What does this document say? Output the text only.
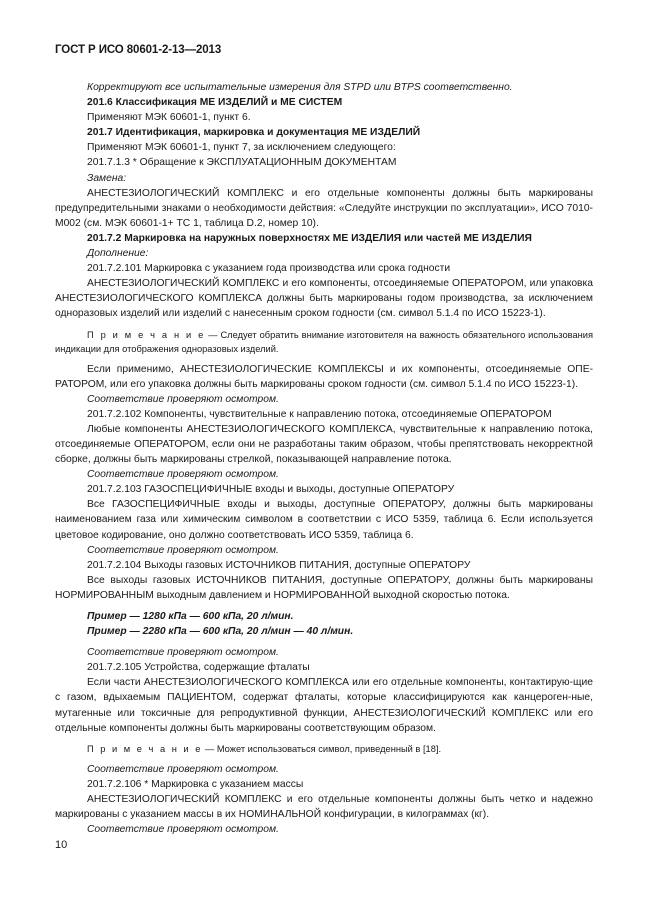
ГОСТ Р ИСО 80601-2-13—2013

Корректируют все испытательные измерения для STPD или BTPS соответственно.

201.6 Классификация ME ИЗДЕЛИЙ и ME СИСТЕМ

Применяют МЭК 60601-1, пункт 6.

201.7 Идентификация, маркировка и документация ME ИЗДЕЛИЙ

Применяют МЭК 60601-1, пункт 7, за исключением следующего:

201.7.1.3 * Обращение к ЭКСПЛУАТАЦИОННЫМ ДОКУМЕНТАМ

Замена:

АНЕСТЕЗИОЛОГИЧЕСКИЙ КОМПЛЕКС и его отдельные компоненты должны быть маркированы предупредительными знаками о необходимости действия: «Следуйте инструкции по эксплуатации», ИСО 7010-М002 (см. МЭК 60601-1+ ТС 1, таблица D.2, номер 10).

201.7.2 Маркировка на наружных поверхностях ME ИЗДЕЛИЯ или частей ME ИЗДЕЛИЯ

Дополнение:

201.7.2.101 Маркировка с указанием года производства или срока годности

АНЕСТЕЗИОЛОГИЧЕСКИЙ КОМПЛЕКС и его компоненты, отсоединяемые ОПЕРАТОРОМ, или упаковка АНЕСТЕЗИОЛОГИЧЕСКОГО КОМПЛЕКСА должны быть маркированы годом производства, за исключением одноразовых изделий или изделий с нанесенным сроком годности (см. символ 5.1.4 по ИСО 15223-1).

П р и м е ч а н и е — Следует обратить внимание изготовителя на важность обязательного использования индикации для отображения одноразовых изделий.

Если применимо, АНЕСТЕЗИОЛОГИЧЕСКИЕ КОМПЛЕКСЫ и их компоненты, отсоединяемые ОПЕ-РАТОРОМ, или его упаковка должны быть маркированы сроком годности (см. символ 5.1.4 по ИСО 15223-1).

Соответствие проверяют осмотром.

201.7.2.102 Компоненты, чувствительные к направлению потока, отсоединяемые ОПЕРАТОРОМ

Любые компоненты АНЕСТЕЗИОЛОГИЧЕСКОГО КОМПЛЕКСА, чувствительные к направлению потока, отсоединяемые ОПЕРАТОРОМ, если они не разработаны таким образом, чтобы препятствовать некорректной сборке, должны быть маркированы стрелкой, показывающей направление потока.

Соответствие проверяют осмотром.

201.7.2.103 ГАЗОСПЕЦИФИЧНЫЕ входы и выходы, доступные ОПЕРАТОРУ

Все ГАЗОСПЕЦИФИЧНЫЕ входы и выходы, доступные ОПЕРАТОРУ, должны быть маркированы наименованием газа или химическим символом в соответствии с ИСО 5359, таблица 6. Если используется цветовое кодирование, оно должно соответствовать ИСО 5359, таблица 6.

Соответствие проверяют осмотром.

201.7.2.104 Выходы газовых ИСТОЧНИКОВ ПИТАНИЯ, доступные ОПЕРАТОРУ

Все выходы газовых ИСТОЧНИКОВ ПИТАНИЯ, доступные ОПЕРАТОРУ, должны быть маркированы НОРМИРОВАННЫМ выходным давлением и НОРМИРОВАННОЙ выходной скоростью потока.

Пример — 1280 кПа — 600 кПа, 20 л/мин.

Пример — 2280 кПа — 600 кПа, 20 л/мин — 40 л/мин.

Соответствие проверяют осмотром.

201.7.2.105 Устройства, содержащие фталаты

Если части АНЕСТЕЗИОЛОГИЧЕСКОГО КОМПЛЕКСА или его отдельные компоненты, контактирую-щие с газом, вдыхаемым ПАЦИЕНТОМ, содержат фталаты, которые классифицируются как канцероген-ные, мутагенные или токсичные для репродуктивной функции, АНЕСТЕЗИОЛОГИЧЕСКИЙ КОМПЛЕКС или его отдельные компоненты должны быть маркированы соответствующим образом.

П р и м е ч а н и е — Может использоваться символ, приведенный в [18].

Соответствие проверяют осмотром.

201.7.2.106 * Маркировка с указанием массы

АНЕСТЕЗИОЛОГИЧЕСКИЙ КОМПЛЕКС и его отдельные компоненты должны быть четко и надежно маркированы с указанием массы в их НОМИНАЛЬНОЙ конфигурации, в килограммах (кг).

Соответствие проверяют осмотром.

10
